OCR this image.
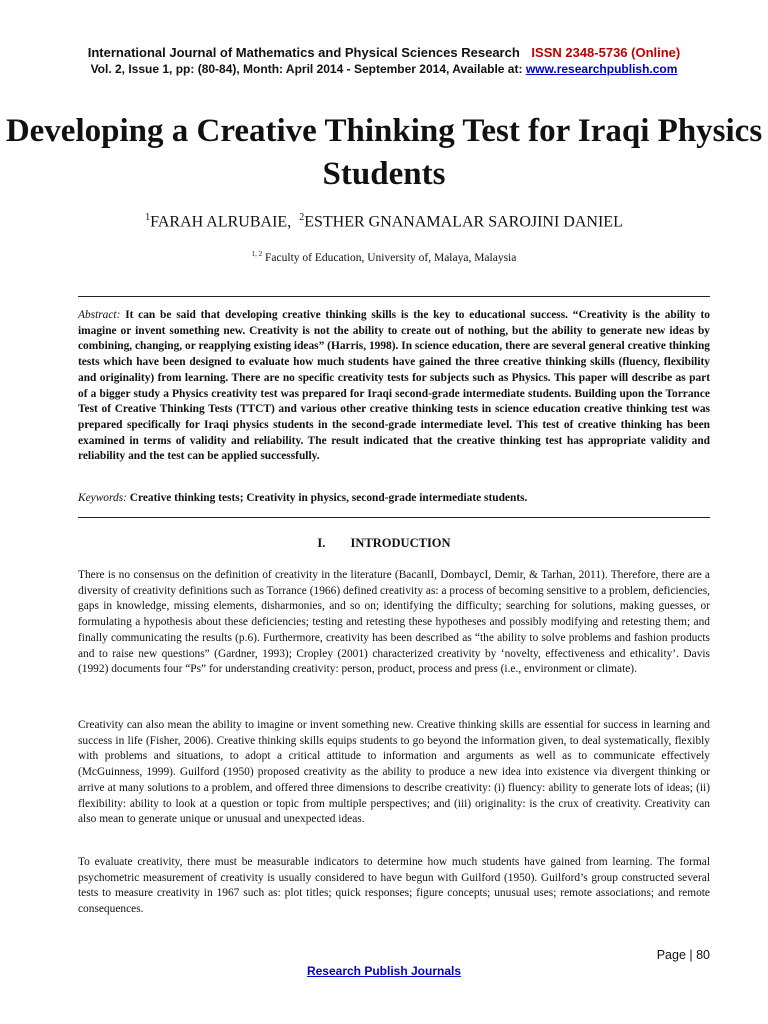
International Journal of Mathematics and Physical Sciences Research ISSN 2348-5736 (Online)
Vol. 2, Issue 1, pp: (80-84), Month: April 2014 - September 2014, Available at: www.researchpublish.com
Developing a Creative Thinking Test for Iraqi Physics Students
$^1$FARAH ALRUBAIE, $^2$ESTHER GNANAMALAR SAROJINI DANIEL
$^{1, 2}$ Faculty of Education, University of, Malaya, Malaysia

Abstract: It can be said that developing creative thinking skills is the key to educational success. “Creativity is the ability to imagine or invent something new. Creativity is not the ability to create out of nothing, but the ability to generate new ideas by combining, changing, or reapplying existing ideas” (Harris, 1998). In science education, there are several general creative thinking tests which have been designed to evaluate how much students have gained the three creative thinking skills (fluency, flexibility and originality) from learning. There are no specific creativity tests for subjects such as Physics. This paper will describe as part of a bigger study a Physics creativity test was prepared for Iraqi second-grade intermediate students. Building upon the Torrance Test of Creative Thinking Tests (TTCT) and various other creative thinking tests in science education creative thinking test was prepared specifically for Iraqi physics students in the second-grade intermediate level. This test of creative thinking has been examined in terms of validity and reliability. The result indicated that the creative thinking test has appropriate validity and reliability and the test can be applied successfully.

Keywords: Creative thinking tests; Creativity in physics, second-grade intermediate students.

I. INTRODUCTION

There is no consensus on the definition of creativity in the literature (BacanlI, DombaycI, Demir, & Tarhan, 2011). Therefore, there are a diversity of creativity definitions such as Torrance (1966) defined creativity as: a process of becoming sensitive to a problem, deficiencies, gaps in knowledge, missing elements, disharmonies, and so on; identifying the difficulty; searching for solutions, making guesses, or formulating a hypothesis about these deficiencies; testing and retesting these hypotheses and possibly modifying and retesting them; and finally communicating the results (p.6). Furthermore, creativity has been described as “the ability to solve problems and fashion products and to raise new questions” (Gardner, 1993); Cropley (2001) characterized creativity by ‘novelty, effectiveness and ethicality’. Davis (1992) documents four “Ps” for understanding creativity: person, product, process and press (i.e., environment or climate).

Creativity can also mean the ability to imagine or invent something new. Creative thinking skills are essential for success in learning and success in life (Fisher, 2006). Creative thinking skills equips students to go beyond the information given, to deal systematically, flexibly with problems and situations, to adopt a critical attitude to information and arguments as well as to communicate effectively (McGuinness, 1999). Guilford (1950) proposed creativity as the ability to produce a new idea into existence via divergent thinking or arrive at many solutions to a problem, and offered three dimensions to describe creativity: (i) fluency: ability to generate lots of ideas; (ii) flexibility: ability to look at a question or topic from multiple perspectives; and (iii) originality: is the crux of creativity. Creativity can also mean to generate unique or unusual and unexpected ideas.

To evaluate creativity, there must be measurable indicators to determine how much students have gained from learning. The formal psychometric measurement of creativity is usually considered to have begun with Guilford (1950). Guilford’s group constructed several tests to measure creativity in 1967 such as: plot titles; quick responses; figure concepts; unusual uses; remote associations; and remote consequences.

Page | 80
Research Publish Journals
